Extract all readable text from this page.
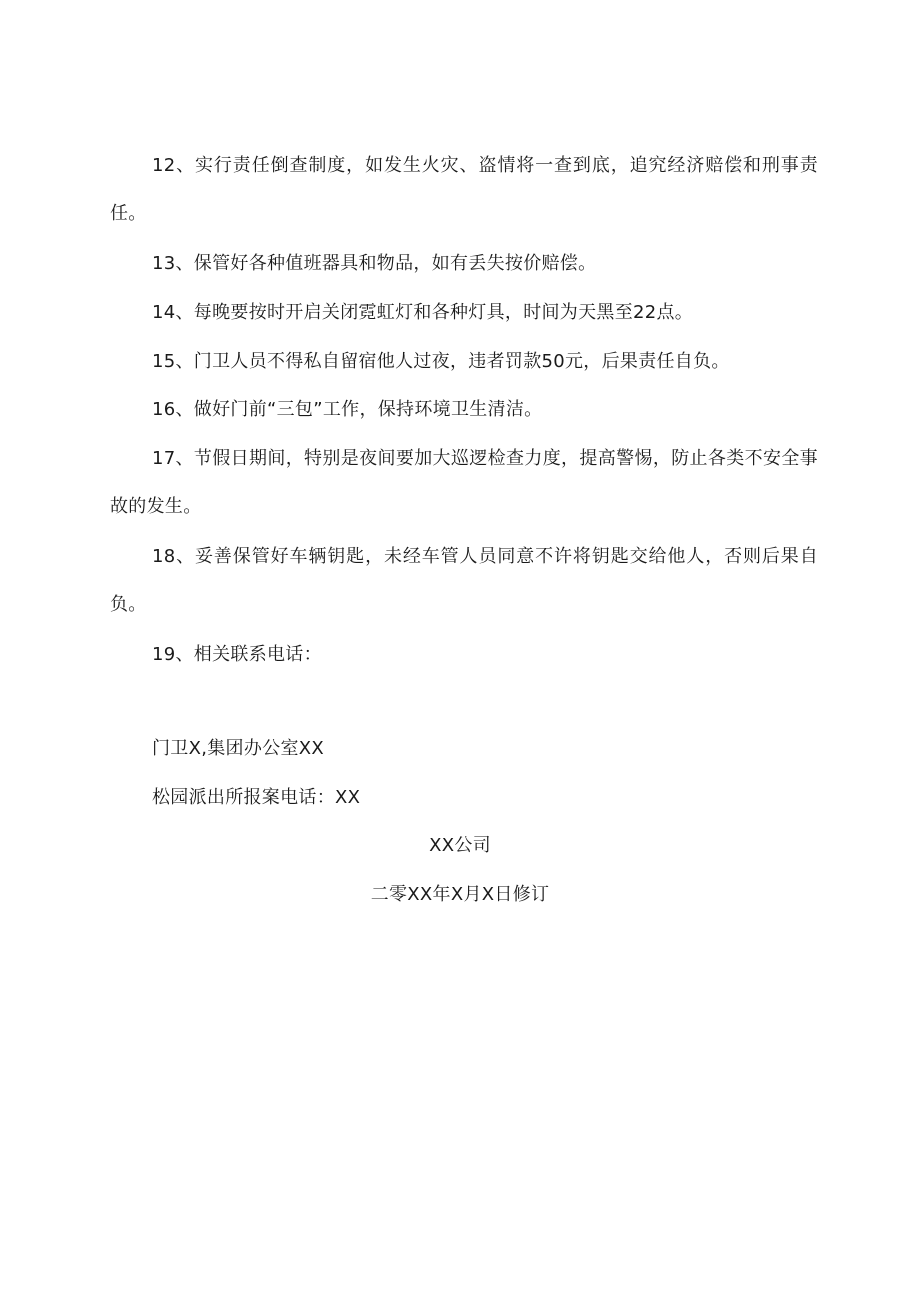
12、实行责任倒查制度，如发生火灾、盗情将一查到底，追究经济赔偿和刑事责任。

13、保管好各种值班器具和物品，如有丢失按价赔偿。

14、每晚要按时开启关闭霓虹灯和各种灯具，时间为天黑至22点。

15、门卫人员不得私自留宿他人过夜，违者罚款50元，后果责任自负。

16、做好门前“三包”工作，保持环境卫生清洁。

17、节假日期间，特别是夜间要加大巡逻检查力度，提高警惕，防止各类不安全事故的发生。

18、妥善保管好车辆钥匙，未经车管人员同意不许将钥匙交给他人，否则后果自负。

19、相关联系电话：

门卫X,集团办公室XX

松园派出所报案电话：XX

XX公司

二零XX年X月X日修订
